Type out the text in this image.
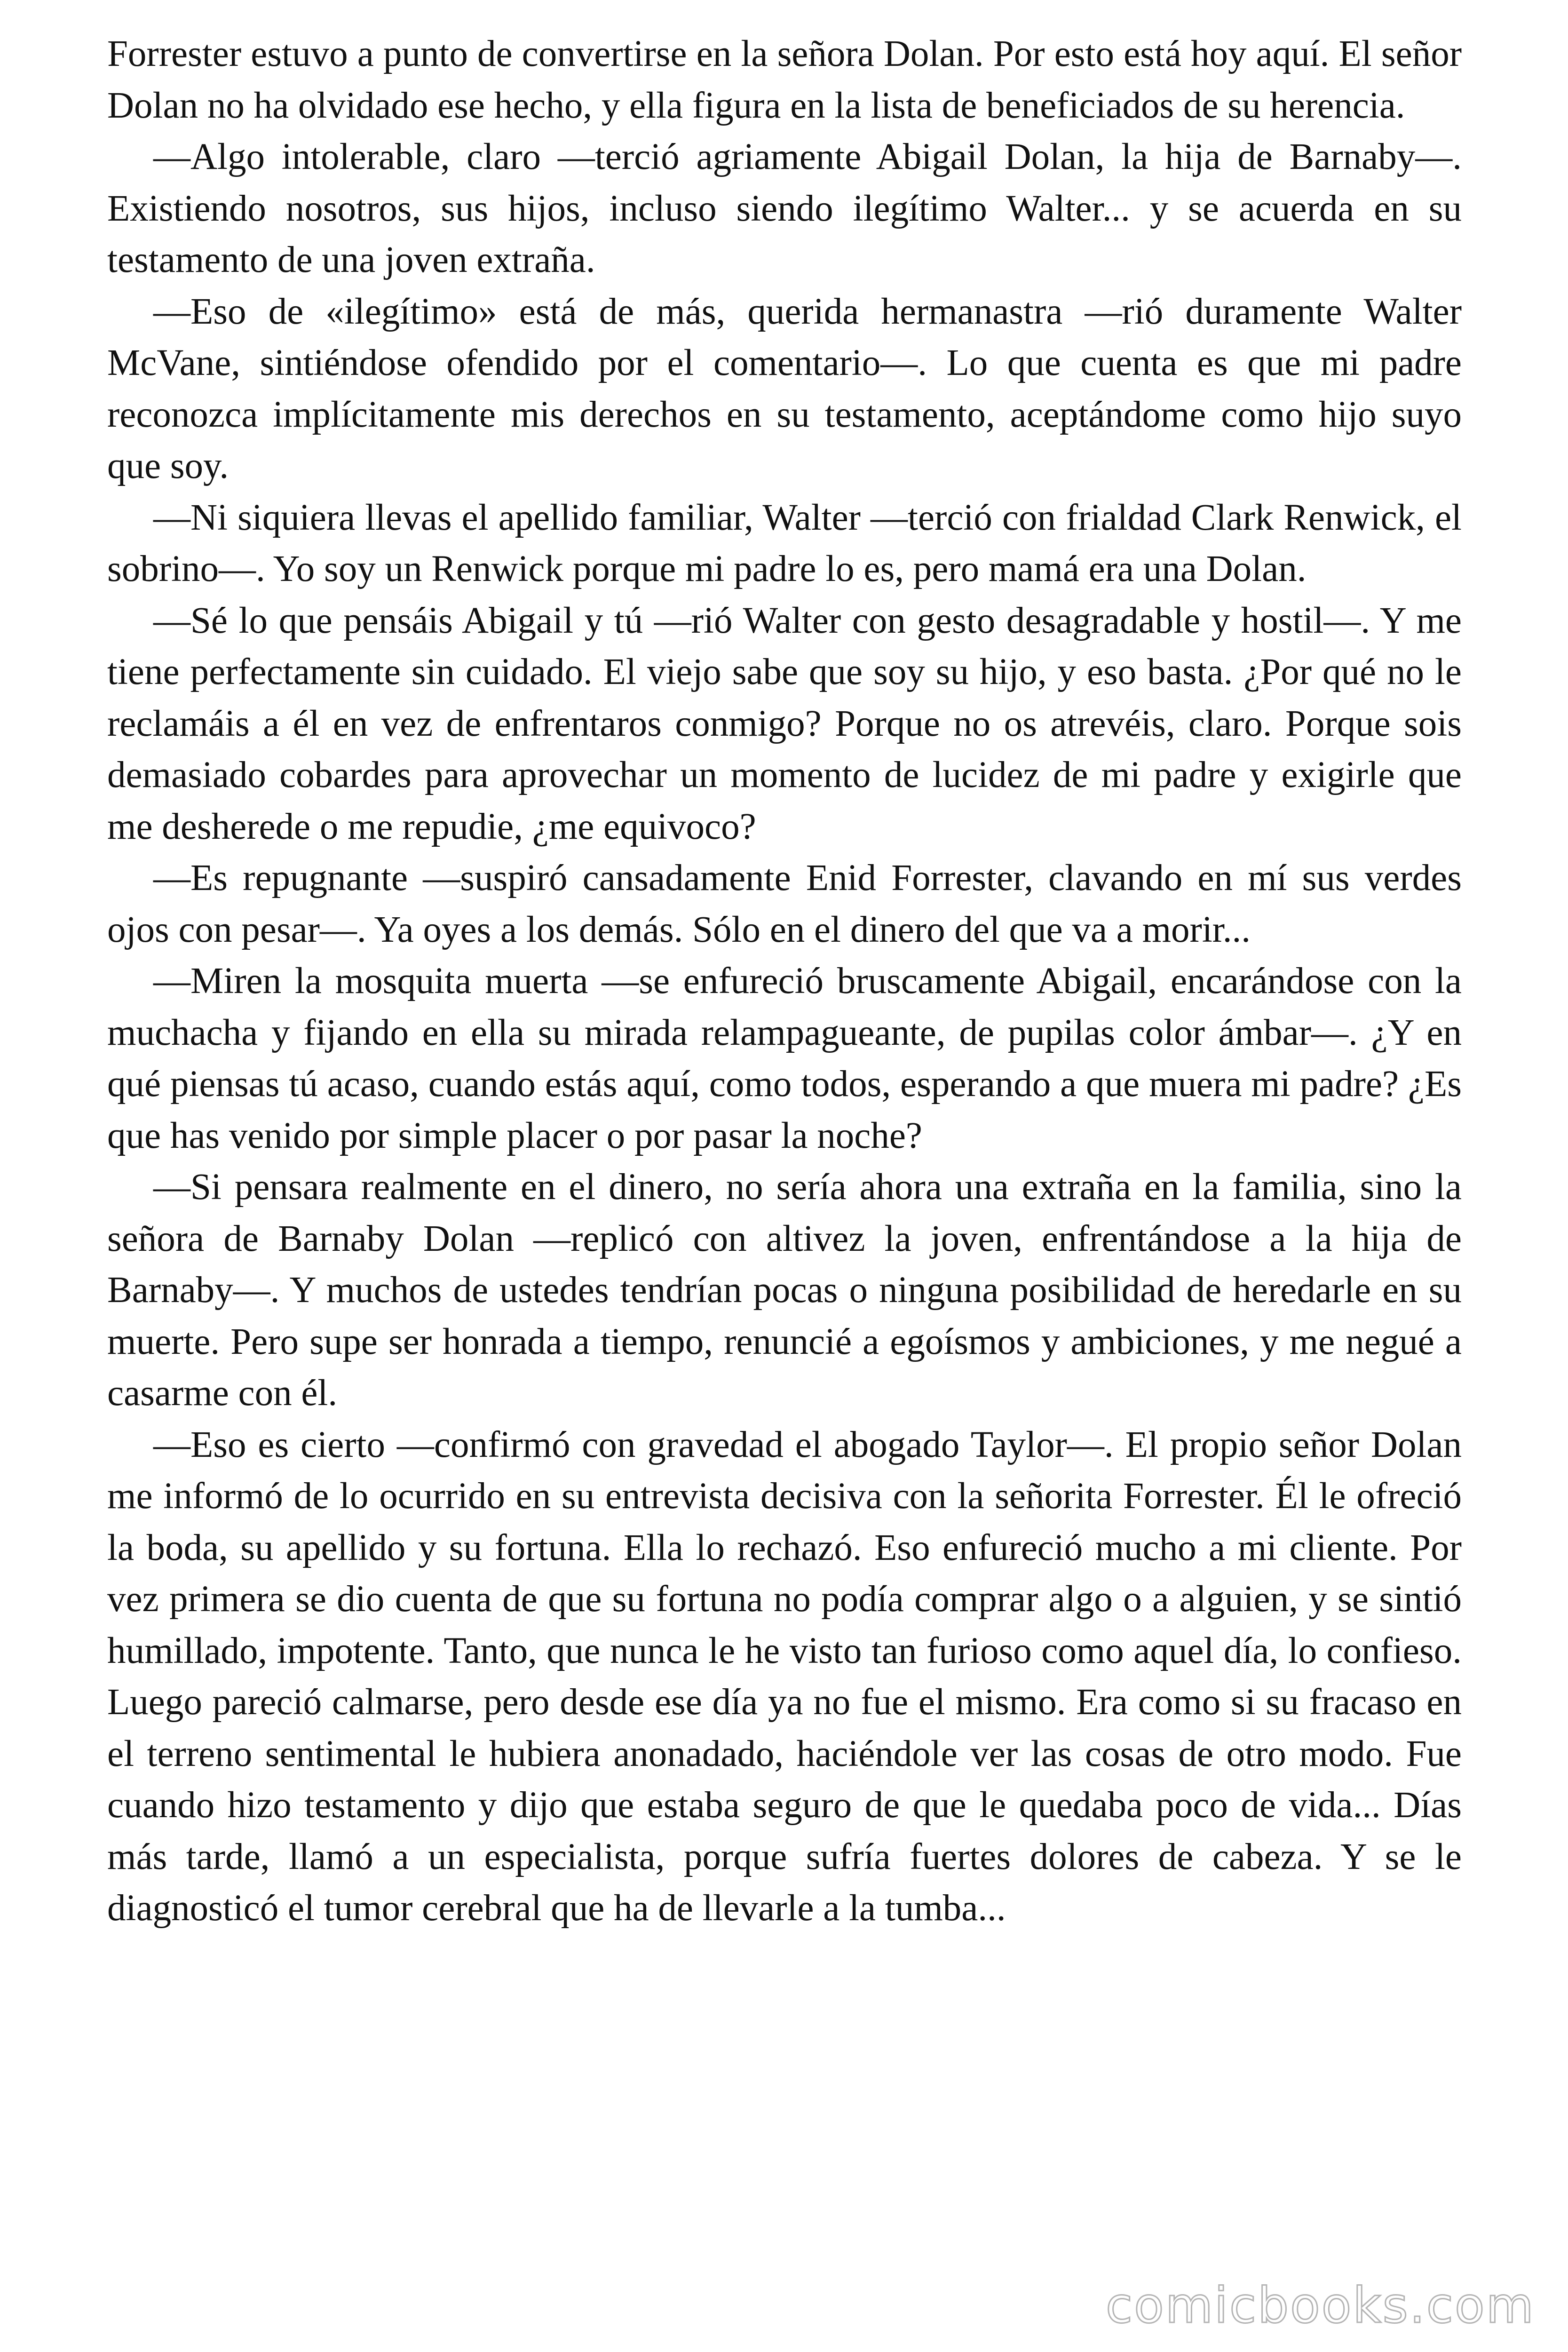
Forrester estuvo a punto de convertirse en la señora Dolan. Por esto está hoy aquí. El señor Dolan no ha olvidado ese hecho, y ella figura en la lista de beneficiados de su herencia.

—Algo intolerable, claro —terció agriamente Abigail Dolan, la hija de Barnaby—. Existiendo nosotros, sus hijos, incluso siendo ilegítimo Walter... y se acuerda en su testamento de una joven extraña.

—Eso de «ilegítimo» está de más, querida hermanastra —rió duramente Walter McVane, sintiéndose ofendido por el comentario—. Lo que cuenta es que mi padre reconozca implícitamente mis derechos en su testamento, aceptándome como hijo suyo que soy.

—Ni siquiera llevas el apellido familiar, Walter —terció con frialdad Clark Renwick, el sobrino—. Yo soy un Renwick porque mi padre lo es, pero mamá era una Dolan.

—Sé lo que pensáis Abigail y tú —rió Walter con gesto desagradable y hostil—. Y me tiene perfectamente sin cuidado. El viejo sabe que soy su hijo, y eso basta. ¿Por qué no le reclamáis a él en vez de enfrentaros conmigo? Porque no os atrevéis, claro. Porque sois demasiado cobardes para aprovechar un momento de lucidez de mi padre y exigirle que me desherede o me repudie, ¿me equivoco?

—Es repugnante —suspiró cansadamente Enid Forrester, clavando en mí sus verdes ojos con pesar—. Ya oyes a los demás. Sólo en el dinero del que va a morir...

—Miren la mosquita muerta —se enfureció bruscamente Abigail, encarándose con la muchacha y fijando en ella su mirada relampagueante, de pupilas color ámbar—. ¿Y en qué piensas tú acaso, cuando estás aquí, como todos, esperando a que muera mi padre? ¿Es que has venido por simple placer o por pasar la noche?

—Si pensara realmente en el dinero, no sería ahora una extraña en la familia, sino la señora de Barnaby Dolan —replicó con altivez la joven, enfrentándose a la hija de Barnaby—. Y muchos de ustedes tendrían pocas o ninguna posibilidad de heredarle en su muerte. Pero supe ser honrada a tiempo, renuncié a egoísmos y ambiciones, y me negué a casarme con él.

—Eso es cierto —confirmó con gravedad el abogado Taylor—. El propio señor Dolan me informó de lo ocurrido en su entrevista decisiva con la señorita Forrester. Él le ofreció la boda, su apellido y su fortuna. Ella lo rechazó. Eso enfureció mucho a mi cliente. Por vez primera se dio cuenta de que su fortuna no podía comprar algo o a alguien, y se sintió humillado, impotente. Tanto, que nunca le he visto tan furioso como aquel día, lo confieso. Luego pareció calmarse, pero desde ese día ya no fue el mismo. Era como si su fracaso en el terreno sentimental le hubiera anonadado, haciéndole ver las cosas de otro modo. Fue cuando hizo testamento y dijo que estaba seguro de que le quedaba poco de vida... Días más tarde, llamó a un especialista, porque sufría fuertes dolores de cabeza. Y se le diagnosticó el tumor cerebral que ha de llevarle a la tumba...

comicbooks.com
